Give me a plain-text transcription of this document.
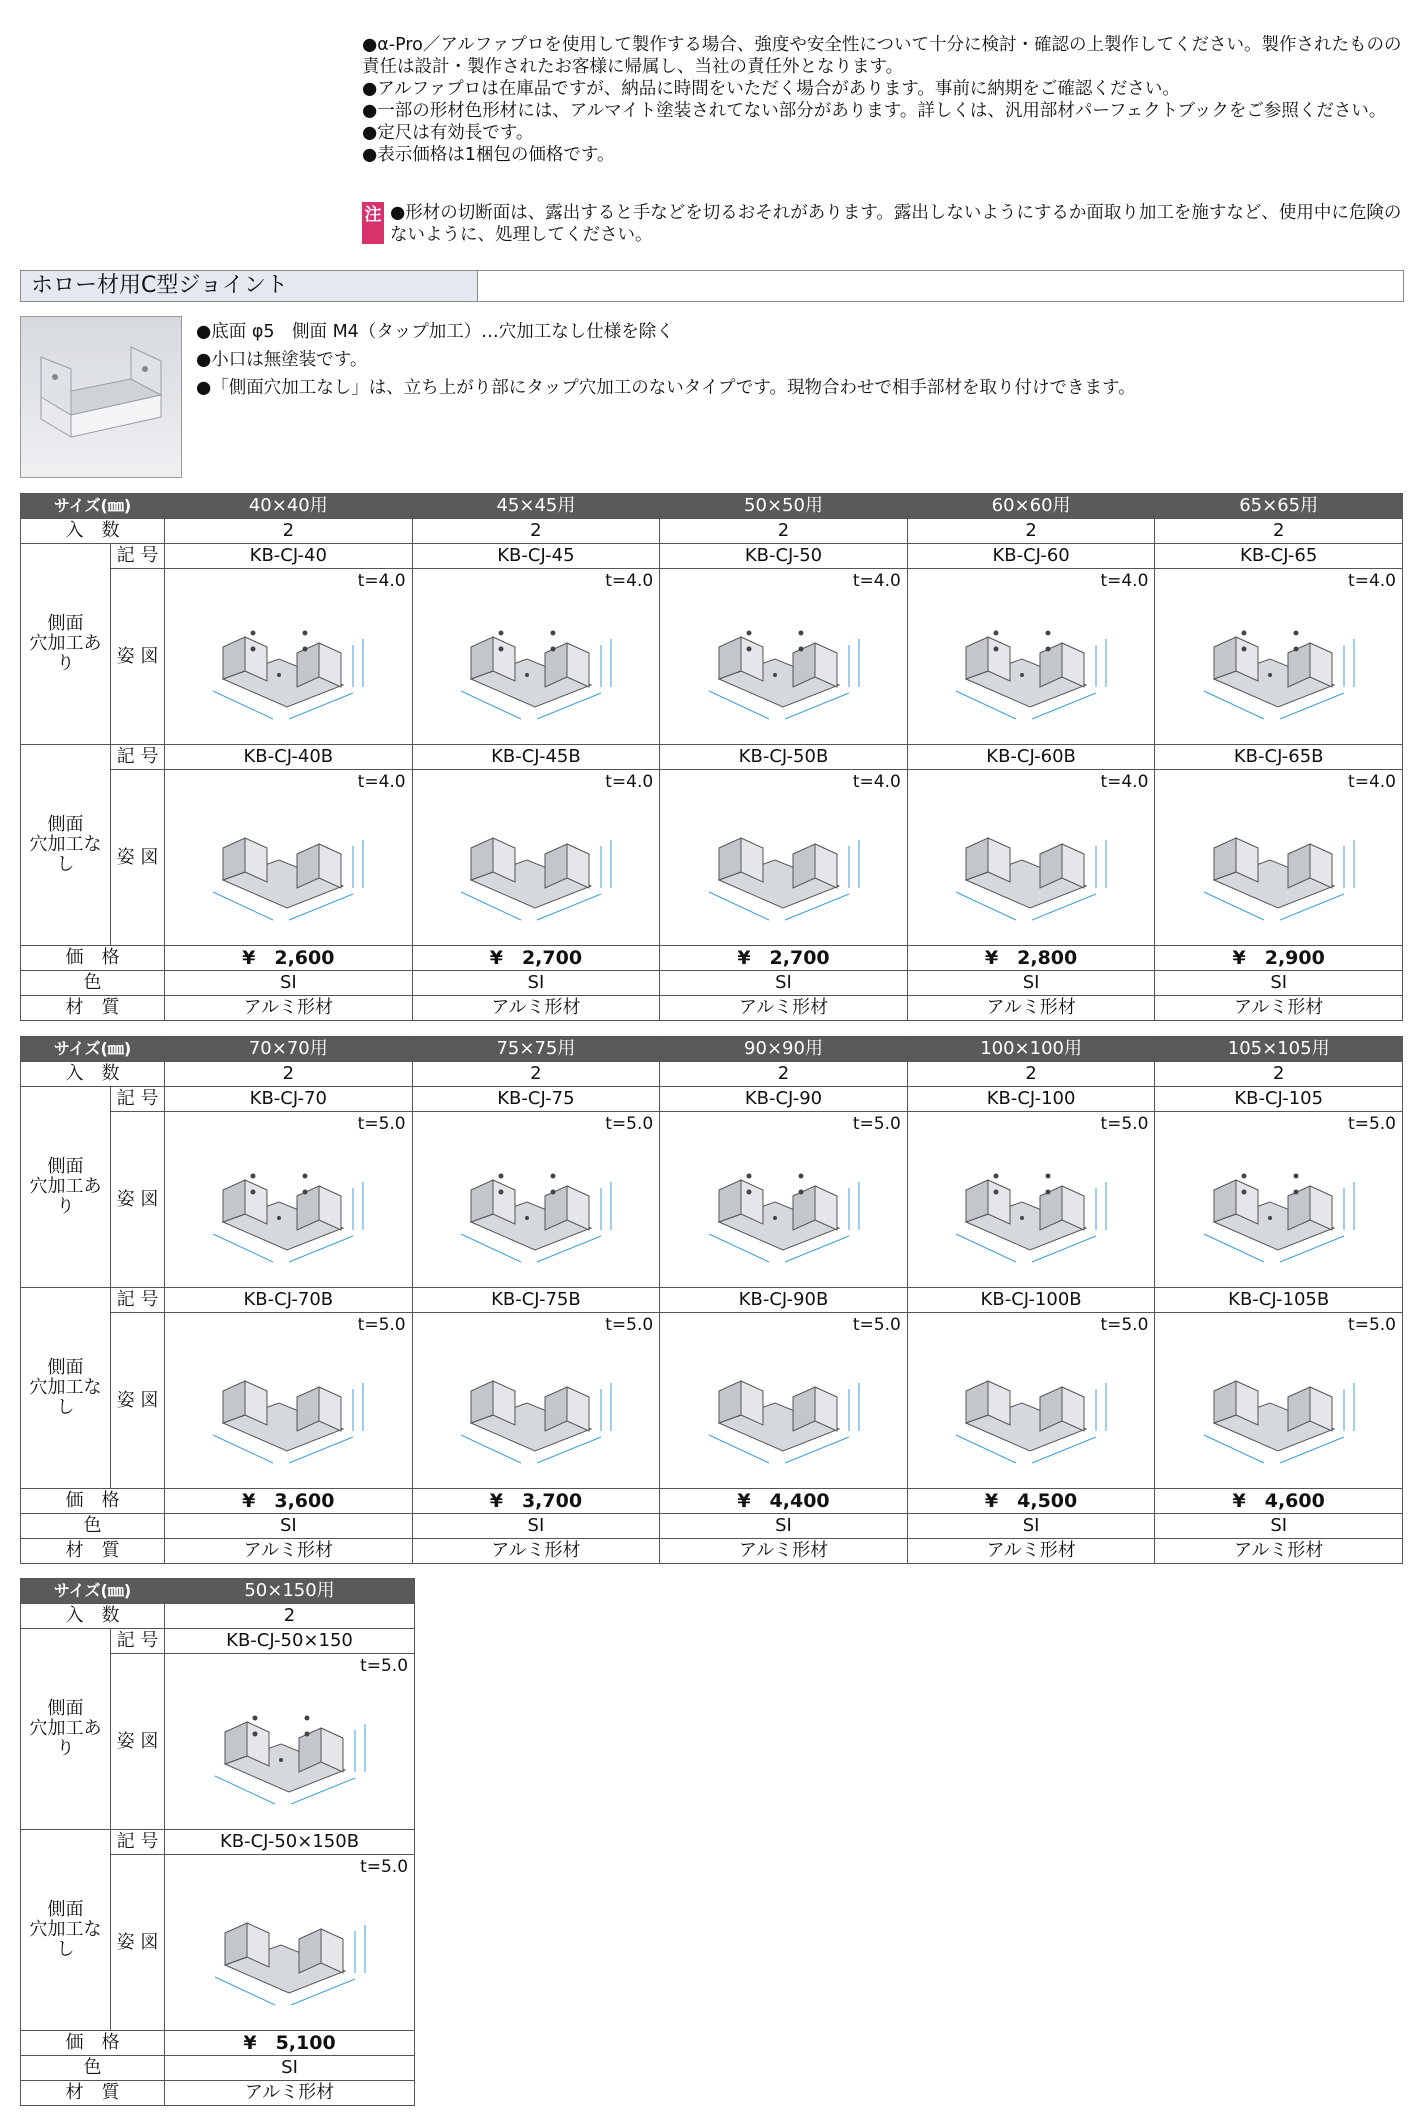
●α-Pro／アルファプロを使用して製作する場合、強度や安全性について十分に検討・確認の上製作してください。製作されたものの責任は設計・製作されたお客様に帰属し、当社の責任外となります。

●アルファプロは在庫品ですが、納品に時間をいただく場合があります。事前に納期をご確認ください。

●一部の形材色形材には、アルマイト塗装されてない部分があります。詳しくは、汎用部材パーフェクトブックをご参照ください。

●定尺は有効長です。

●表示価格は1梱包の価格です。

注 ●形材の切断面は、露出すると手などを切るおそれがあります。露出しないようにするか面取り加工を施すなど、使用中に危険のないように、処理してください。
ホロー材用C型ジョイント

●底面 φ5　側面 M4（タップ加工）…穴加工なし仕様を除く

●小口は無塗装です。

●「側面穴加工なし」は、立ち上がり部にタップ穴加工のないタイプです。現物合わせで相手部材を取り付けできます。

サイズ(㎜)		40×40用	45×45用	50×50用	60×60用	65×65用
入　数		2	2	2	2	2
側面
穴加工あり	記 号	KB-CJ-40	KB-CJ-45	KB-CJ-50	KB-CJ-60	KB-CJ-65
	姿 図	t=4.0	t=4.0	t=4.0	t=4.0	t=4.0

側面
穴加工なし	記 号	KB-CJ-40B	KB-CJ-45B	KB-CJ-50B	KB-CJ-60B	KB-CJ-65B
	姿 図	t=4.0	t=4.0	t=4.0	t=4.0	t=4.0

価　格		¥　2,600	¥　2,700	¥　2,700	¥　2,800	¥　2,900
色		SI	SI	SI	SI	SI
材　質		アルミ形材	アルミ形材	アルミ形材	アルミ形材	アルミ形材
サイズ(㎜)		70×70用	75×75用	90×90用	100×100用	105×105用
入　数		2	2	2	2	2
側面
穴加工あり	記 号	KB-CJ-70	KB-CJ-75	KB-CJ-90	KB-CJ-100	KB-CJ-105
	姿 図	t=5.0	t=5.0	t=5.0	t=5.0	t=5.0

側面
穴加工なし	記 号	KB-CJ-70B	KB-CJ-75B	KB-CJ-90B	KB-CJ-100B	KB-CJ-105B
	姿 図	t=5.0	t=5.0	t=5.0	t=5.0	t=5.0

価　格		¥　3,600	¥　3,700	¥　4,400	¥　4,500	¥　4,600
色		SI	SI	SI	SI	SI
材　質		アルミ形材	アルミ形材	アルミ形材	アルミ形材	アルミ形材
サイズ(㎜)		50×150用
入　数		2
側面
穴加工あり	記 号	KB-CJ-50×150
	姿 図	t=5.0

側面
穴加工なし	記 号	KB-CJ-50×150B
	姿 図	t=5.0

価　格		¥　5,100
色		SI
材　質		アルミ形材
